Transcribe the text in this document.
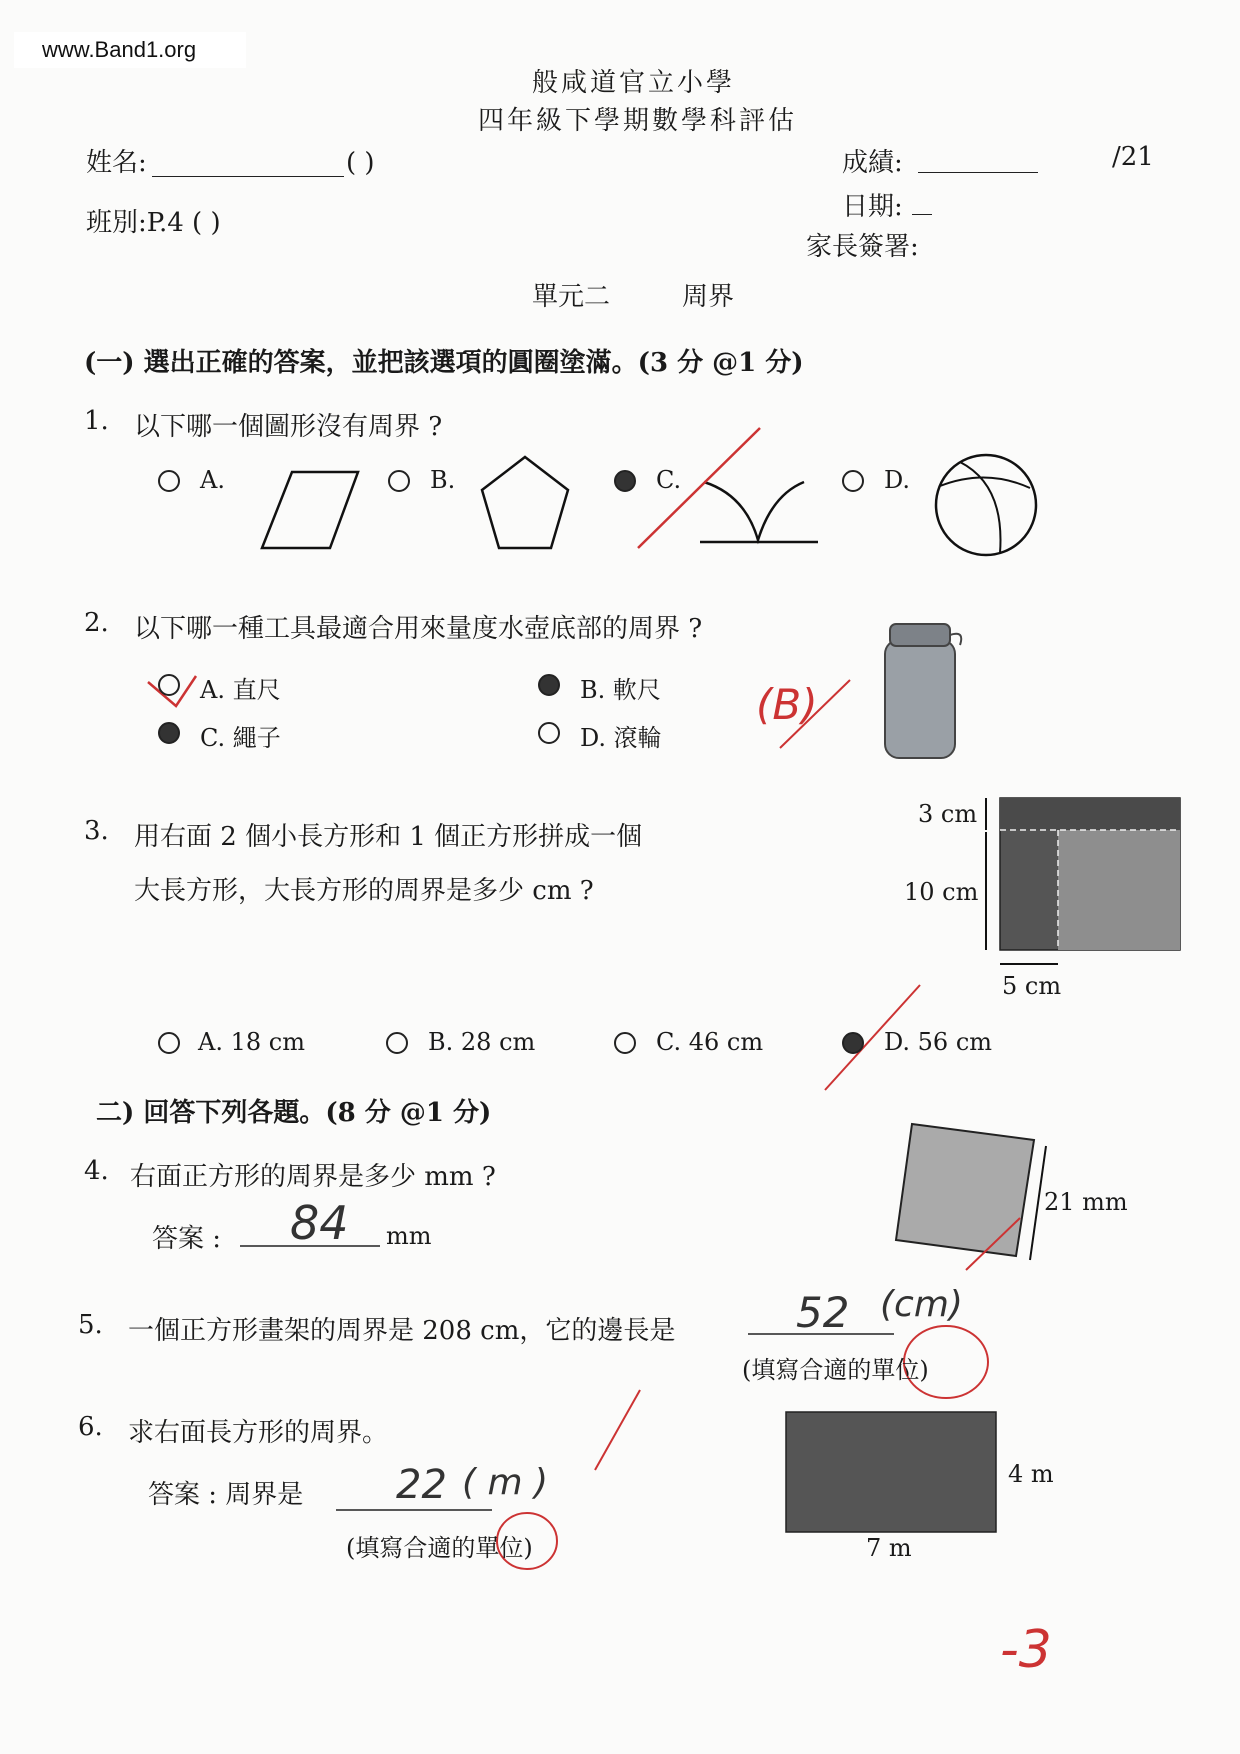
www.Band1.org
般咸道官立小學
四年級下學期數學科評估
姓名:	( )
班別:P.4 ( )
成績:	/21
日期:
家長簽署:
單元二	周界
(一) 選出正確的答案，並把該選項的圓圈塗滿。(3 分 @1 分)
1. 以下哪一個圖形沒有周界 ?
A.	B.	C.	D.
2. 以下哪一種工具最適合用來量度水壺底部的周界 ?
A. 直尺	B. 軟尺
C. 繩子	D. 滾輪
(B)
3. 用右面 2 個小長方形和 1 個正方形拼成一個
大長方形，大長方形的周界是多少 cm ?
3 cm
10 cm
5 cm
A. 18 cm	B. 28 cm	C. 46 cm	D. 56 cm
二) 回答下列各題。(8 分 @1 分)
4. 右面正方形的周界是多少 mm ?
答案 : 84 mm
21 mm
5. 一個正方形畫架的周界是 208 cm，它的邊長是	52 (cm)
(填寫合適的單位)
6. 求右面長方形的周界。
答案 : 周界是 22 ( m )
(填寫合適的單位)
4 m
7 m
-3
